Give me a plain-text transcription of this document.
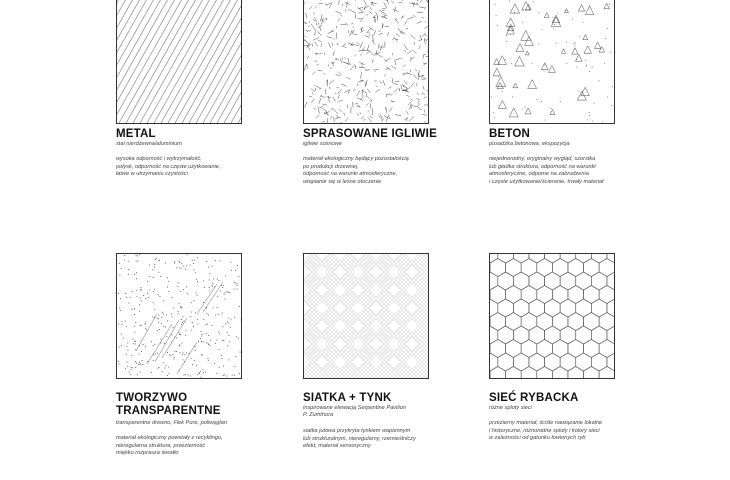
METAL
stal nierdzewna/aluminium
wysoka odporność i wytrzymałość,
połysk, odporność na częste użytkowanie,
łatwe w utrzymaniu czystości
SPRASOWANE IGLIWIE
igliwie sosnowe
materiał ekologiczny będący pozostałością
po produkcji drzewnej,
odporność na warunki atmosferyczne,
wtapianie się w leśne otoczenie
BETON
posadzka betonowa, ekspozycja
niejednorodny, oryginalny wygląd, szorstka
lub gładka struktura, odporność na warunki
atmosferyczne, odporne na zabrudzenia
i częste użytkowanie/ścieranie, trwały materiał
TWORZYWO
TRANSPARENTNE
transparentne drewno, Flek Pure, poliwęglan
materiał ekologiczny powstały z recyklingu,
nieregularna struktura, przezierność
miękko rozprasza światło
SIATKA + TYNK
inspirowane elewacją Serpentine Pavilion
P. Zumthora
siatka jutowa przykryta tynkiem wapiennym
lub strukturalnym, nieregularny, rzemieślniczy
efekt, materiał sensoryczny
SIEĆ RYBACKA
różne sploty sieci
przezierny materiał, ściśle nawiązanie lokalne
i historyczne, różnorodne sploty i kolory sieci
w zależności od gatunku łowionych ryb
